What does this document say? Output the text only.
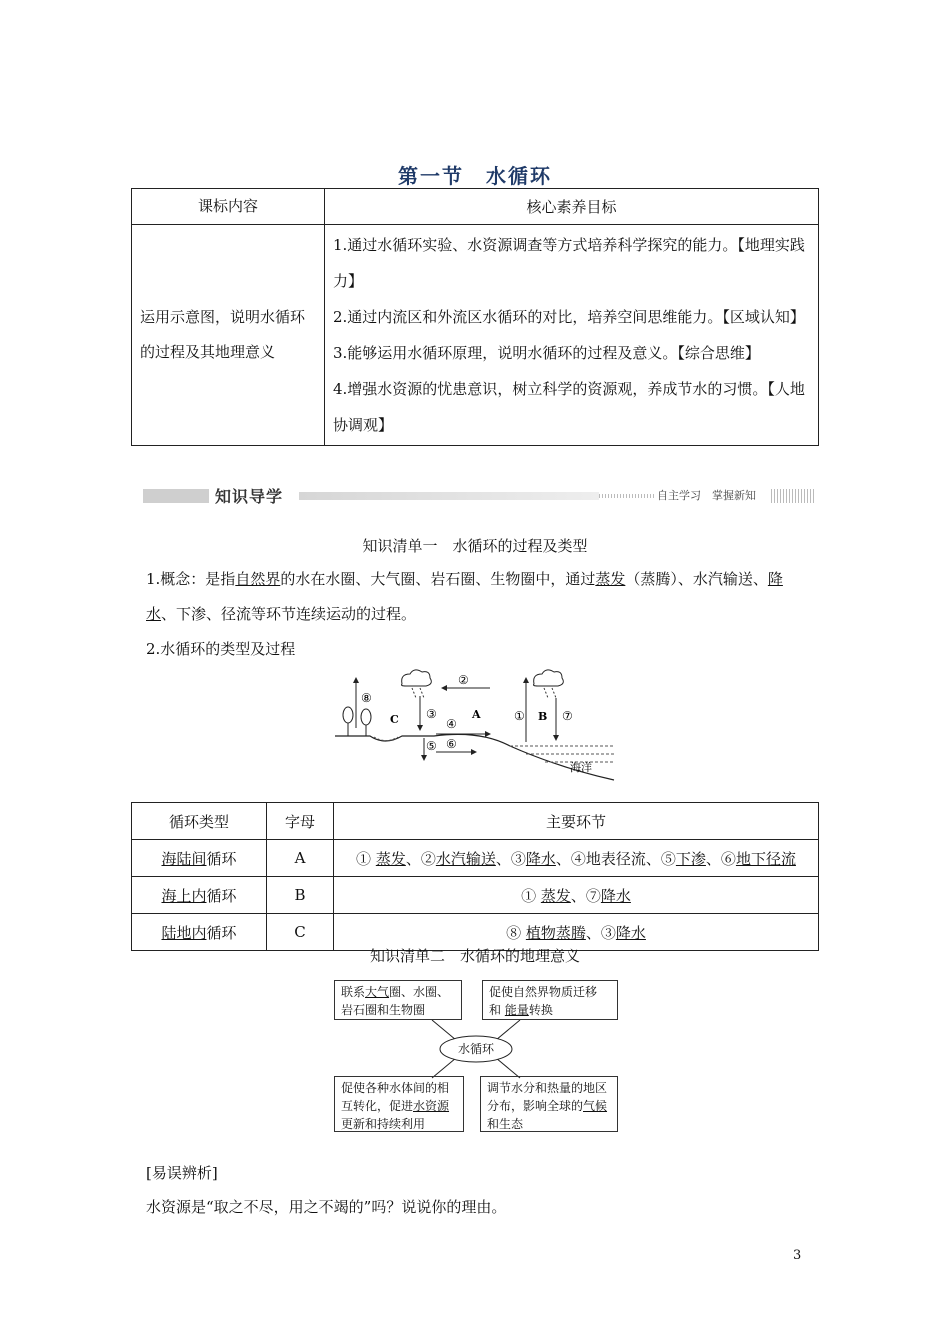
第一节　水循环
课标内容	核心素养目标
运用示意图，说明水循环的过程及其地理意义	1.通过水循环实验、水资源调查等方式培养科学探究的能力。【地理实践力】
2.通过内流区和外流区水循环的对比，培养空间思维能力。【区域认知】
3.能够运用水循环原理，说明水循环的过程及意义。【综合思维】
4.增强水资源的忧患意识，树立科学的资源观，养成节水的习惯。【人地协调观】
知识导学	自主学习　掌握新知
知识清单一　水循环的过程及类型
1.概念：是指自然界的水在水圈、大气圈、岩石圈、生物圈中，通过蒸发（蒸腾）、水汽输送、降
水、下渗、径流等环节连续运动的过程。
2.水循环的类型及过程
海洋
⑧
C ③
②
④
A
⑤ ⑥
① B ⑦
循环类型	字母	主要环节
海陆间循环	A	① 蒸发、②水汽输送、③降水、④地表径流、⑤下渗、⑥地下径流
海上内循环	B	① 蒸发、⑦降水
陆地内循环	C	⑧ 植物蒸腾、③降水
知识清单二　水循环的地理意义
水循环
联系大气圈、水圈、
岩石圈和生物圈
促使自然界物质迁移
和 能量转换
促使各种水体间的相
互转化，促进水资源
更新和持续利用
调节水分和热量的地区
分布，影响全球的气候
和生态
[易误辨析]
水资源是“取之不尽，用之不竭的”吗？说说你的理由。
3
